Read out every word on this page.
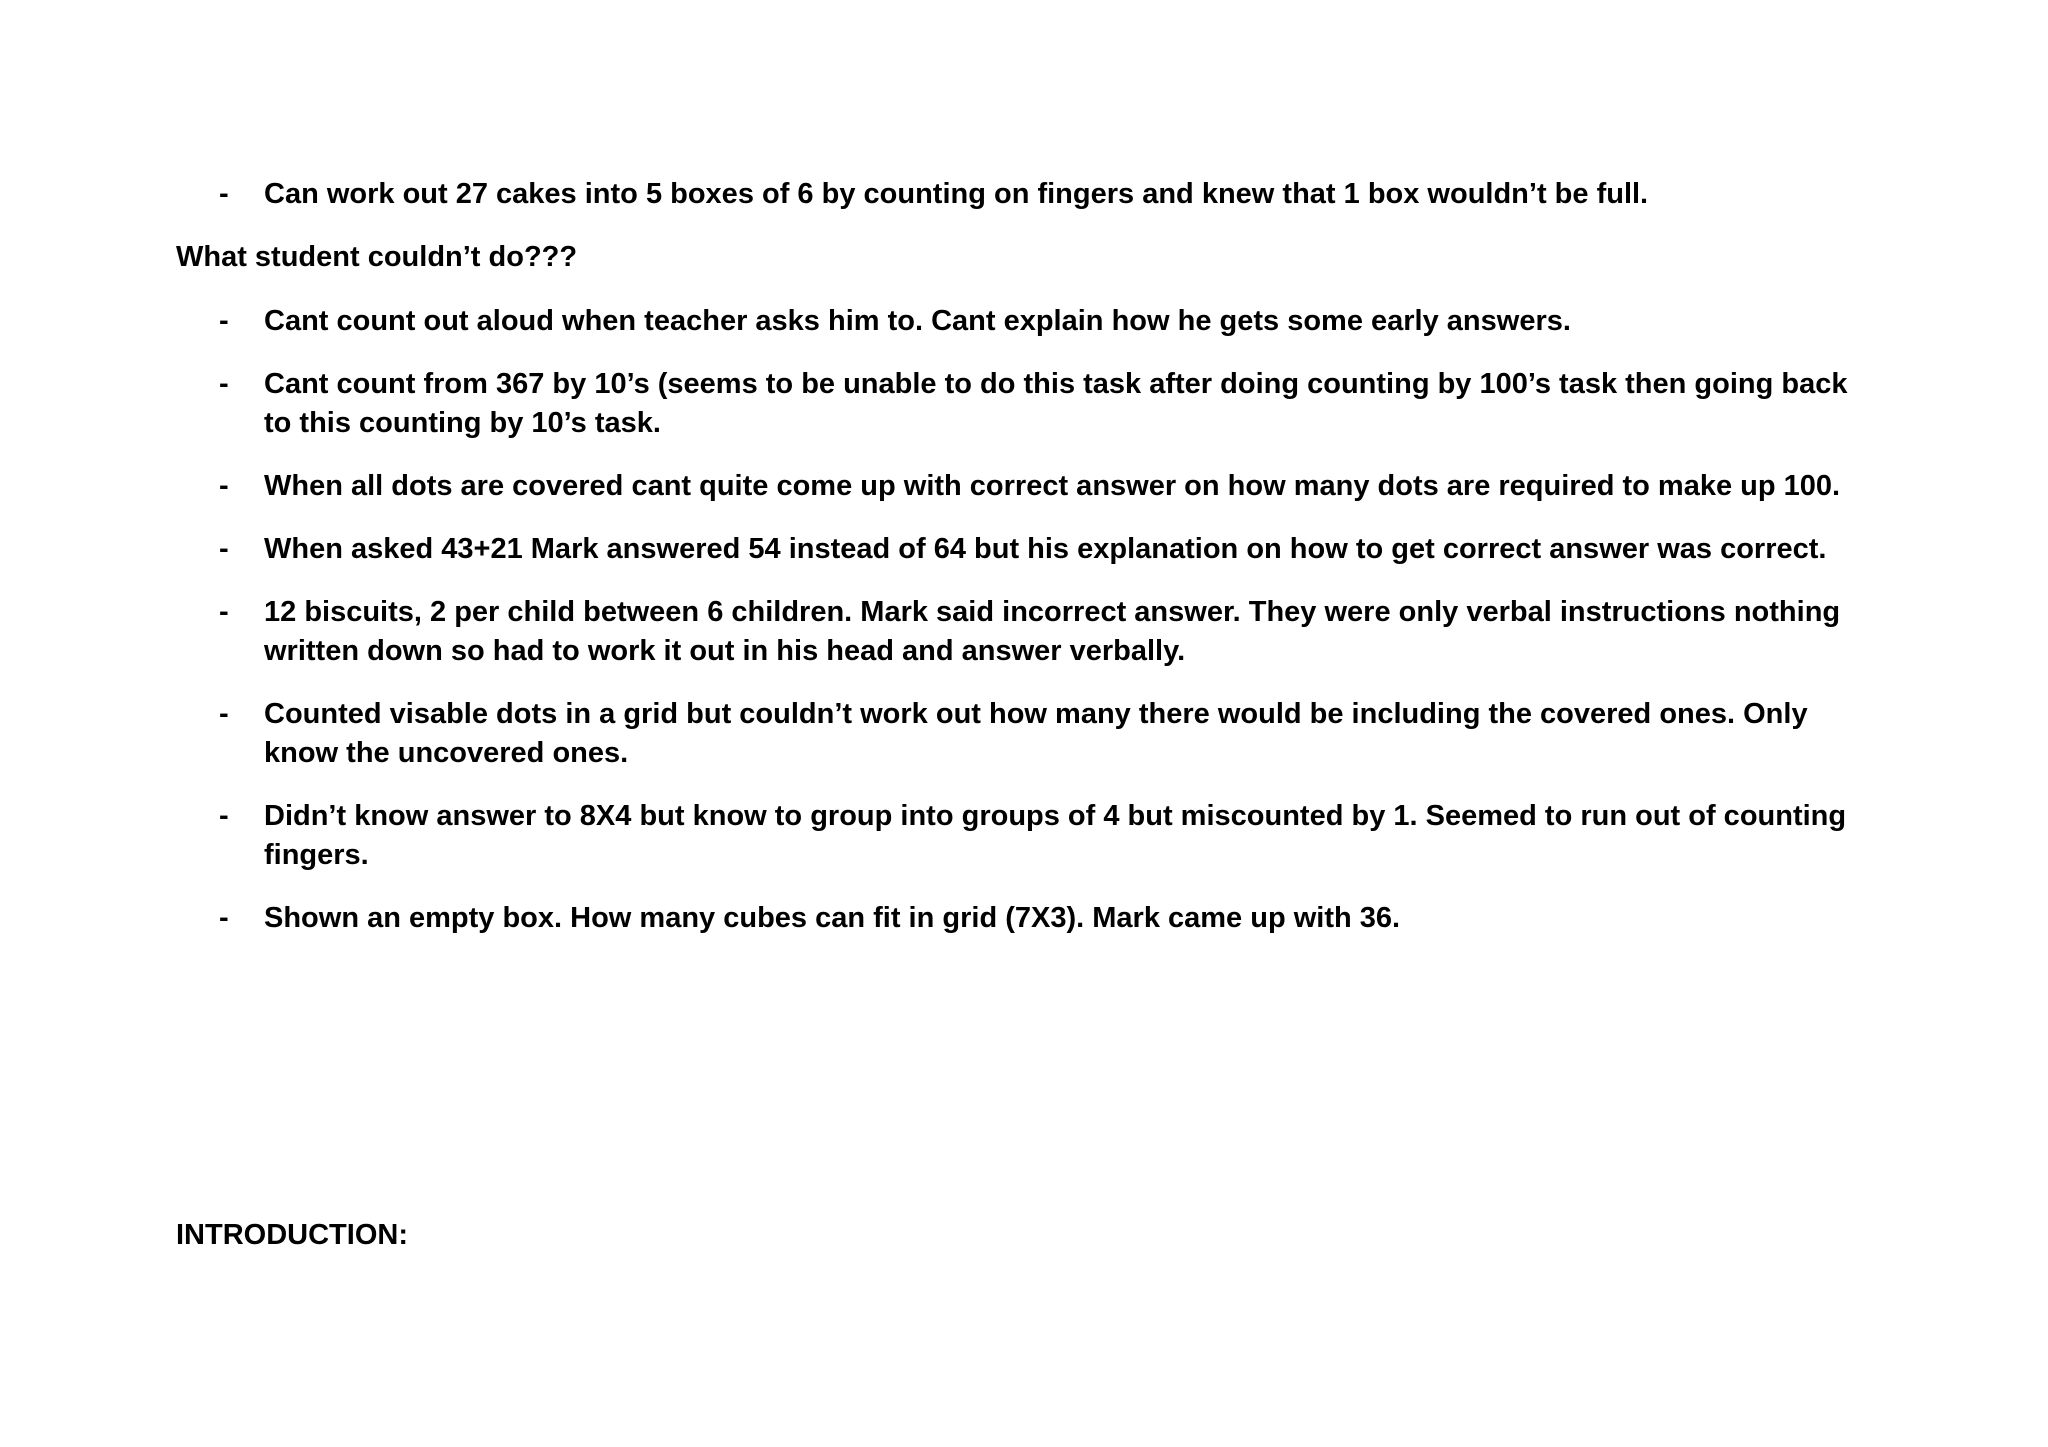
- Can work out 27 cakes into 5 boxes of 6 by counting on fingers and knew that 1 box wouldn’t be full.
What student couldn’t do???
- Cant count out aloud when teacher asks him to. Cant explain how he gets some early answers.
- Cant count from 367 by 10’s (seems to be unable to do this task after doing counting by 100’s task then going back
to this counting by 10’s task.
- When all dots are covered cant quite come up with correct answer on how many dots are required to make up 100.
- When asked 43+21 Mark answered 54 instead of 64 but his explanation on how to get correct answer was correct.
- 12 biscuits, 2 per child between 6 children. Mark said incorrect answer. They were only verbal instructions nothing
written down so had to work it out in his head and answer verbally.
- Counted visable dots in a grid but couldn’t work out how many there would be including the covered ones. Only
know the uncovered ones.
- Didn’t know answer to 8X4 but know to group into groups of 4 but miscounted by 1. Seemed to run out of counting
fingers.
- Shown an empty box. How many cubes can fit in grid (7X3). Mark came up with 36.
INTRODUCTION:
